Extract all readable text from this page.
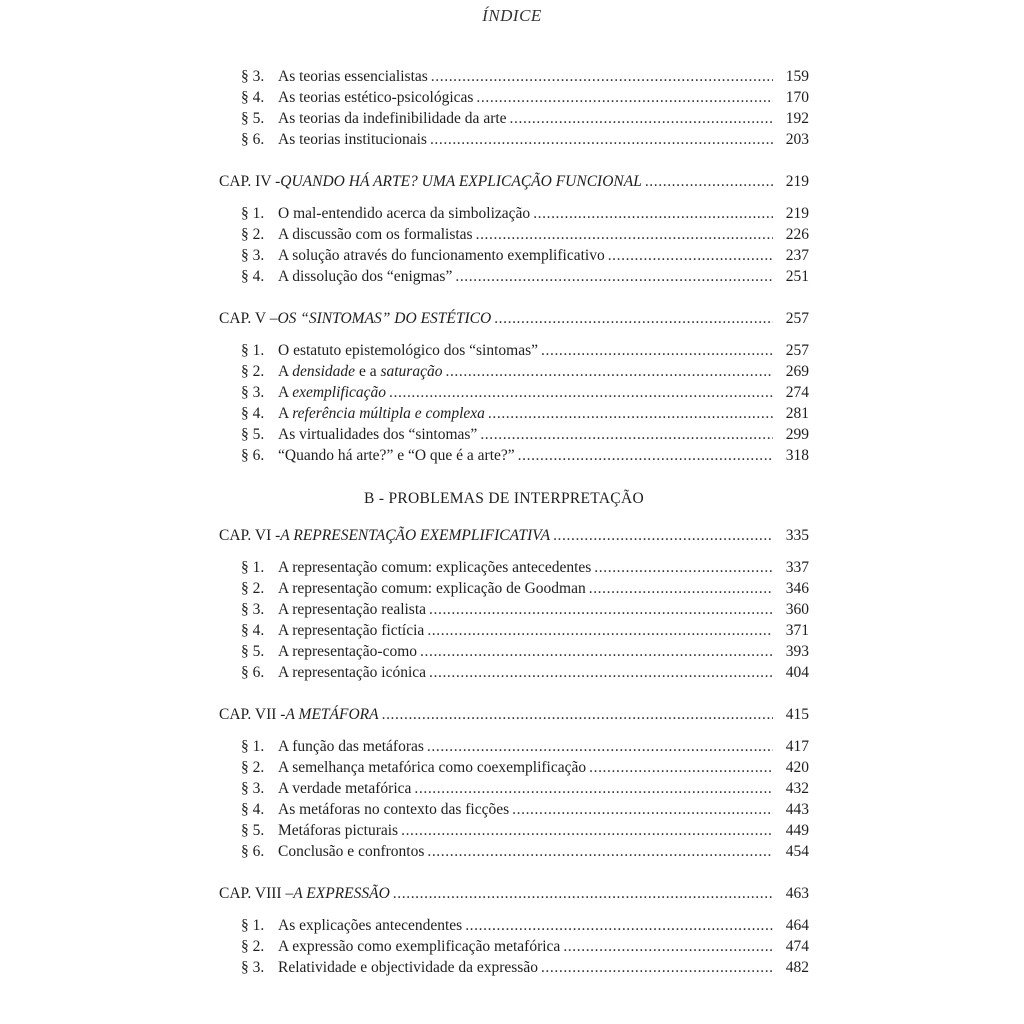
ÍNDICE
§ 3. As teorias essencialistas .....	159
§ 4. As teorias estético-psicológicas .....	170
§ 5. As teorias da indefinibilidade da arte .....	192
§ 6. As teorias institucionais .....	203
CAP. IV - QUANDO HÁ ARTE? UMA EXPLICAÇÃO FUNCIONAL .....	219
§ 1. O mal-entendido acerca da simbolização .....	219
§ 2. A discussão com os formalistas .....	226
§ 3. A solução através do funcionamento exemplificativo .....	237
§ 4. A dissolução dos “enigmas” .....	251
CAP. V – OS “SINTOMAS” DO ESTÉTICO .....	257
§ 1. O estatuto epistemológico dos “sintomas” .....	257
§ 2. A densidade e a saturação .....	269
§ 3. A exemplificação .....	274
§ 4. A referência múltipla e complexa .....	281
§ 5. As virtualidades dos “sintomas” .....	299
§ 6. “Quando há arte?” e “O que é a arte?” .....	318
B - PROBLEMAS DE INTERPRETAÇÃO
CAP. VI - A REPRESENTAÇÃO EXEMPLIFICATIVA .....	335
§ 1. A representação comum: explicações antecedentes .....	337
§ 2. A representação comum: explicação de Goodman .....	346
§ 3. A representação realista .....	360
§ 4. A representação fictícia .....	371
§ 5. A representação-como .....	393
§ 6. A representação icónica .....	404
CAP. VII - A METÁFORA .....	415
§ 1. A função das metáforas .....	417
§ 2. A semelhança metafórica como coexemplificação .....	420
§ 3. A verdade metafórica .....	432
§ 4. As metáforas no contexto das ficções .....	443
§ 5. Metáforas picturais .....	449
§ 6. Conclusão e confrontos .....	454
CAP. VIII – A EXPRESSÃO .....	463
§ 1. As explicações antecendentes .....	464
§ 2. A expressão como exemplificação metafórica .....	474
§ 3. Relatividade e objectividade da expressão .....	482
